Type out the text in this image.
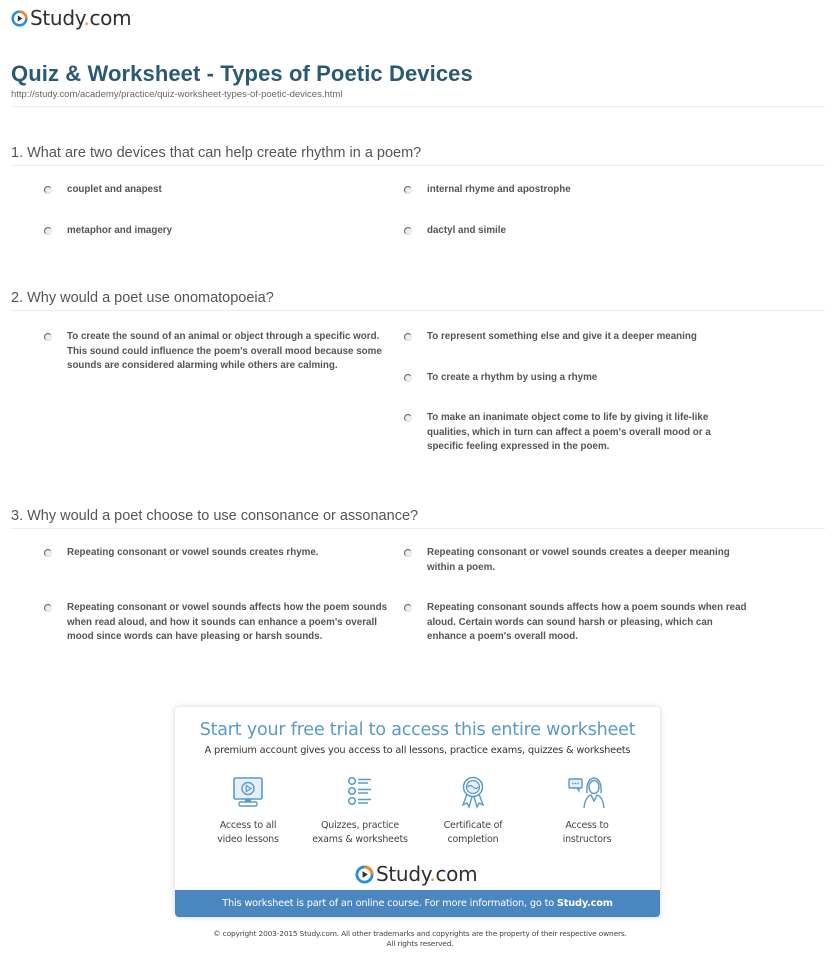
Study.com·
Quiz & Worksheet - Types of Poetic Devices
http://study.com/academy/practice/quiz-worksheet-types-of-poetic-devices.html
1. What are two devices that can help create rhythm in a poem?
couplet and anapest	internal rhyme and apostrophe
metaphor and imagery	dactyl and simile
2. Why would a poet use onomatopoeia?
To create the sound of an animal or object through a specific word. This sound could influence the poem's overall mood because some sounds are considered alarming while others are calming.
To represent something else and give it a deeper meaning
To create a rhythm by using a rhyme
To make an inanimate object come to life by giving it life-like qualities, which in turn can affect a poem's overall mood or a specific feeling expressed in the poem.
3. Why would a poet choose to use consonance or assonance?
Repeating consonant or vowel sounds creates rhyme.	Repeating consonant or vowel sounds creates a deeper meaning within a poem.
Repeating consonant or vowel sounds affects how the poem sounds when read aloud, and how it sounds can enhance a poem's overall mood since words can have pleasing or harsh sounds.
Repeating consonant sounds affects how a poem sounds when read aloud. Certain words can sound harsh or pleasing, which can enhance a poem's overall mood.
Start your free trial to access this entire worksheet
A premium account gives you access to all lessons, practice exams, quizzes & worksheets
Access to all
video lessons
Quizzes, practice
exams & worksheets
Certificate of
completion
Access to
instructors
Study.com·
This worksheet is part of an online course. For more information, go to Study.com
© copyright 2003-2015 Study.com. All other trademarks and copyrights are the property of their respective owners.
All rights reserved.
